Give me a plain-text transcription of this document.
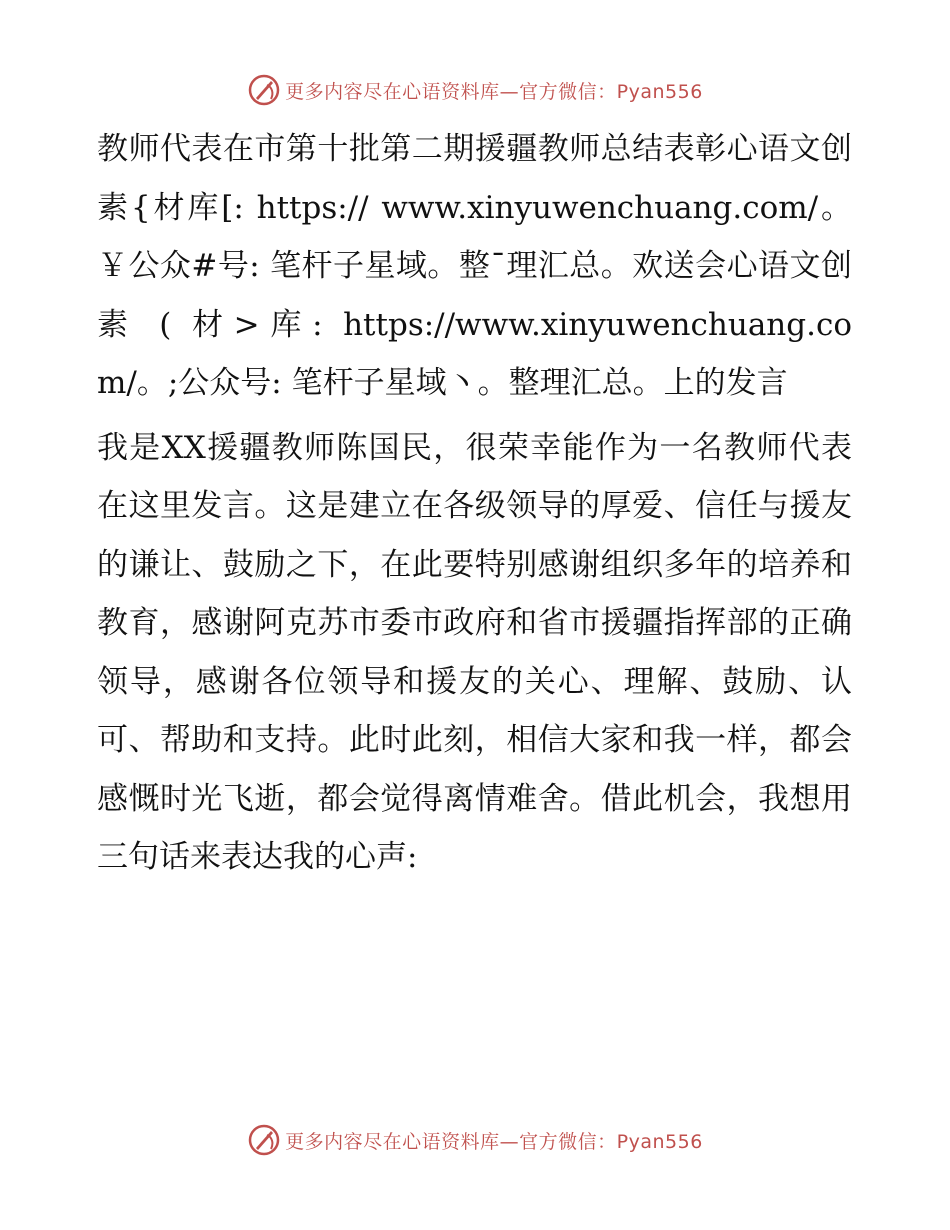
更多内容尽在心语资料库—官方微信：Pyan556

教师代表在市第十批第二期援疆教师总结表彰心语文创素{材库[: https:// www.xinyuwenchuang.com/。￥公众#号: 笔杆子星域。整¯理汇总。欢送会心语文创素 ( 材>库: https://www.xinyuwenchuang.com/。;公众号: 笔杆子星域丶。整理汇总。上的发言

我是XX援疆教师陈国民，很荣幸能作为一名教师代表在这里发言。这是建立在各级领导的厚爱、信任与援友的谦让、鼓励之下，在此要特别感谢组织多年的培养和教育，感谢阿克苏市委市政府和省市援疆指挥部的正确领导，感谢各位领导和援友的关心、理解、鼓励、认可、帮助和支持。此时此刻，相信大家和我一样，都会感慨时光飞逝，都会觉得离情难舍。借此机会，我想用三句话来表达我的心声:

更多内容尽在心语资料库—官方微信：Pyan556
